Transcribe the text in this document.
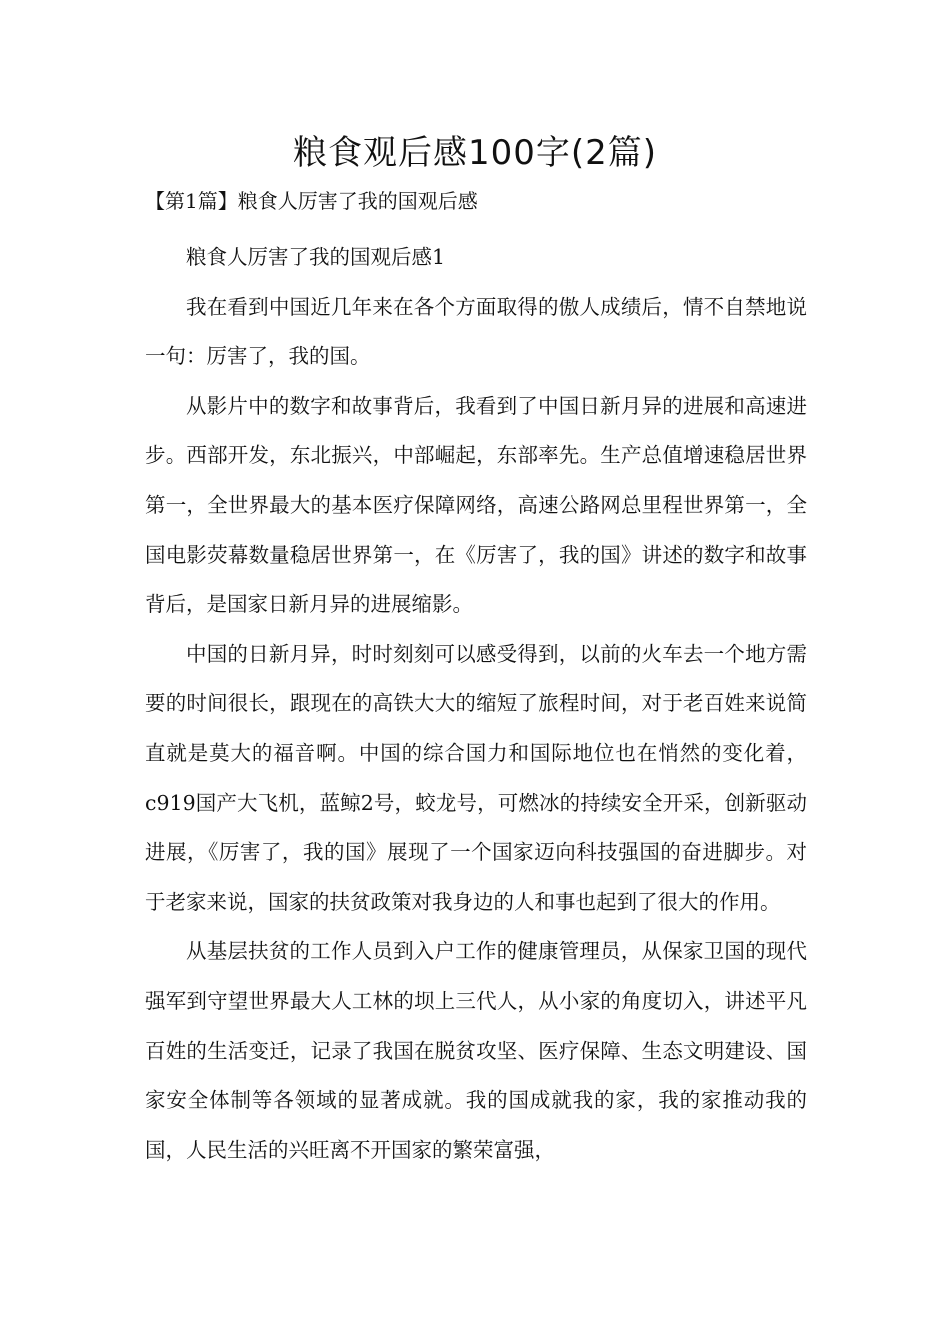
粮食观后感100字(2篇)
【第1篇】粮食人厉害了我的国观后感

粮食人厉害了我的国观后感1

我在看到中国近几年来在各个方面取得的傲人成绩后，情不自禁地说一句：厉害了，我的国。

从影片中的数字和故事背后，我看到了中国日新月异的进展和高速进步。西部开发，东北振兴，中部崛起，东部率先。生产总值增速稳居世界第一，全世界最大的基本医疗保障网络，高速公路网总里程世界第一，全国电影荧幕数量稳居世界第一，在《厉害了，我的国》讲述的数字和故事背后，是国家日新月异的进展缩影。

中国的日新月异，时时刻刻可以感受得到，以前的火车去一个地方需要的时间很长，跟现在的高铁大大的缩短了旅程时间，对于老百姓来说简直就是莫大的福音啊。中国的综合国力和国际地位也在悄然的变化着，c919国产大飞机，蓝鲸2号，蛟龙号，可燃冰的持续安全开采，创新驱动进展，《厉害了，我的国》展现了一个国家迈向科技强国的奋进脚步。对于老家来说，国家的扶贫政策对我身边的人和事也起到了很大的作用。

从基层扶贫的工作人员到入户工作的健康管理员，从保家卫国的现代强军到守望世界最大人工林的坝上三代人，从小家的角度切入，讲述平凡百姓的生活变迁，记录了我国在脱贫攻坚、医疗保障、生态文明建设、国家安全体制等各领域的显著成就。我的国成就我的家，我的家推动我的国，人民生活的兴旺离不开国家的繁荣富强，
